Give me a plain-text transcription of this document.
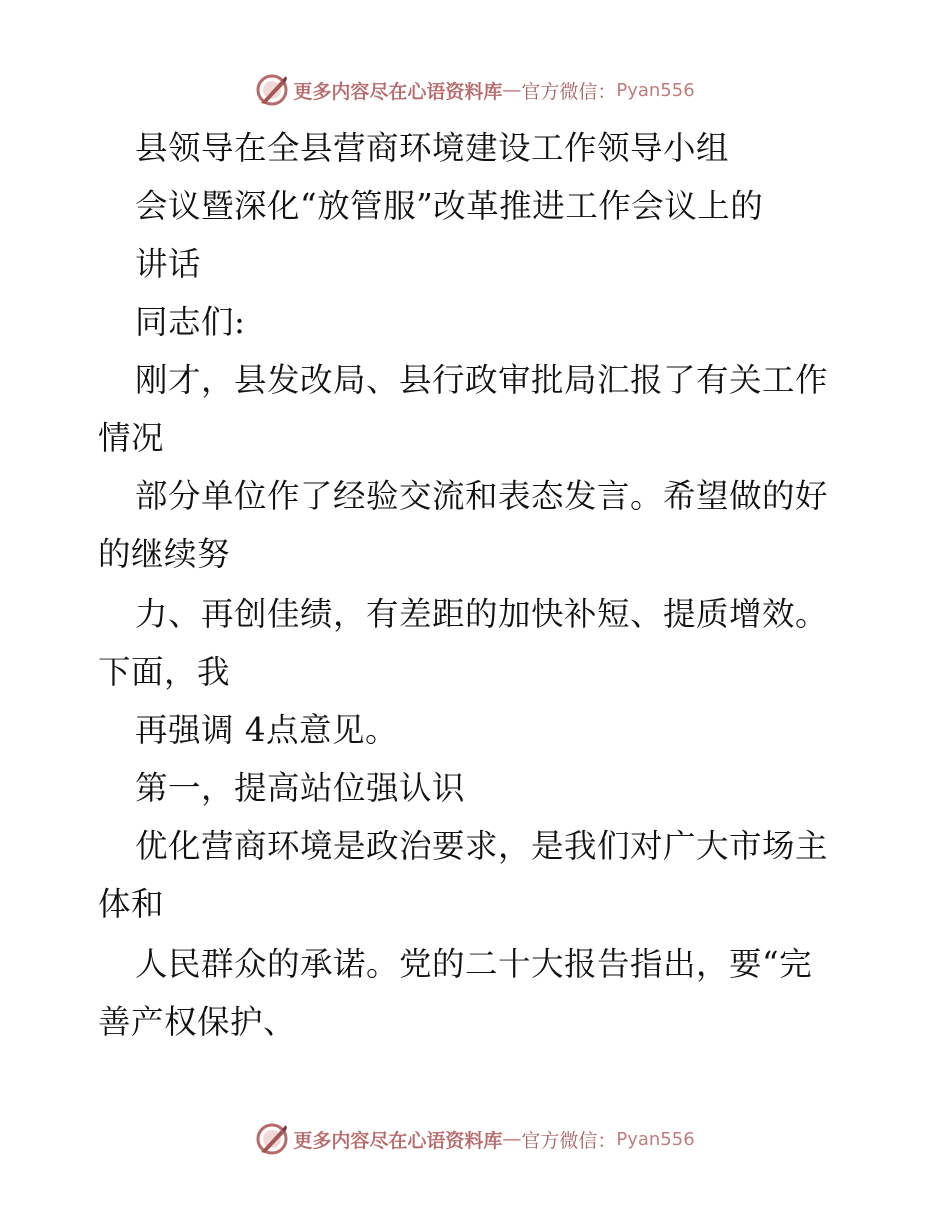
更多内容尽在心语资料库 — 官方微信： Pyan556
县领导在全县营商环境建设工作领导小组
会议暨深化“放管服”改革推进工作会议上的
讲话
同志们:
刚才，县发改局、县行政审批局汇报了有关工作
情况
部分单位作了经验交流和表态发言。希望做的好
的继续努
力、再创佳绩，有差距的加快补短、提质增效。
下面，我
再强调 4点意见。
第一，提高站位强认识
优化营商环境是政治要求，是我们对广大市场主
体和
人民群众的承诺。党的二十大报告指出，要“完
善产权保护、
更多内容尽在心语资料库 — 官方微信： Pyan556
